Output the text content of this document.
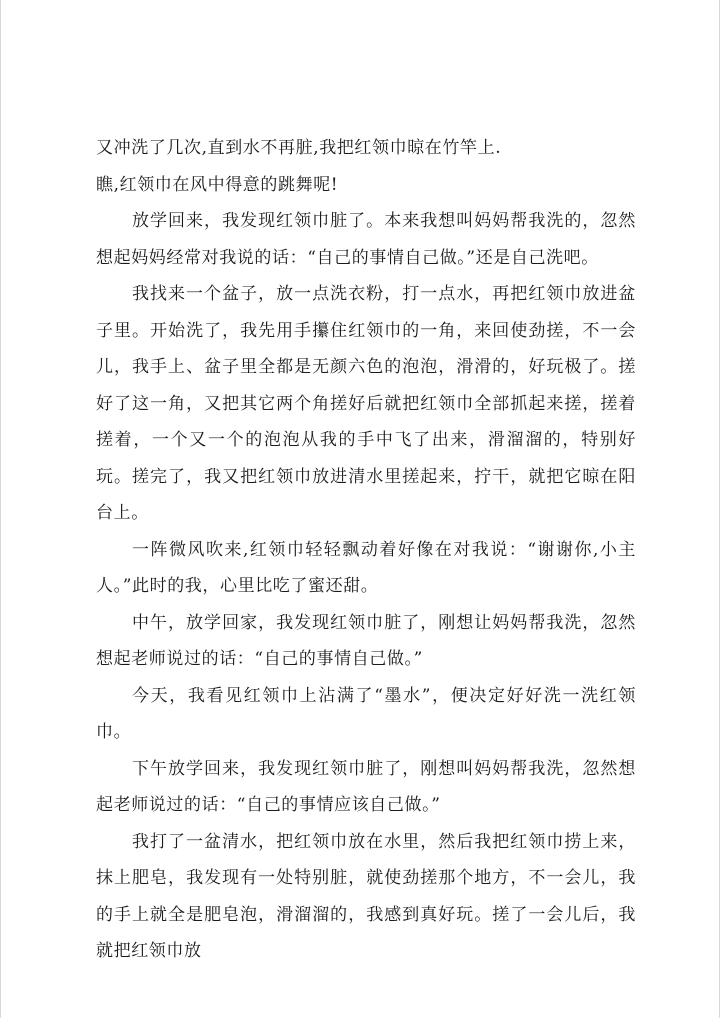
又冲洗了几次,直到水不再脏,我把红领巾晾在竹竿上.

瞧,红领巾在风中得意的跳舞呢!

放学回来，我发现红领巾脏了。本来我想叫妈妈帮我洗的，忽然想起妈妈经常对我说的话：“自己的事情自己做。”还是自己洗吧。

我找来一个盆子，放一点洗衣粉，打一点水，再把红领巾放进盆子里。开始洗了，我先用手攥住红领巾的一角，来回使劲搓，不一会儿，我手上、盆子里全都是无颜六色的泡泡，滑滑的，好玩极了。搓好了这一角，又把其它两个角搓好后就把红领巾全部抓起来搓，搓着搓着，一个又一个的泡泡从我的手中飞了出来，滑溜溜的，特别好玩。搓完了，我又把红领巾放进清水里搓起来，拧干，就把它晾在阳台上。

一阵微风吹来,红领巾轻轻飘动着好像在对我说：“谢谢你,小主人。”此时的我，心里比吃了蜜还甜。

中午，放学回家，我发现红领巾脏了，刚想让妈妈帮我洗，忽然想起老师说过的话：“自己的事情自己做。”

今天，我看见红领巾上沾满了“墨水”，便决定好好洗一洗红领巾。

下午放学回来，我发现红领巾脏了，刚想叫妈妈帮我洗，忽然想起老师说过的话：“自己的事情应该自己做。”

我打了一盆清水，把红领巾放在水里，然后我把红领巾捞上来，抹上肥皂，我发现有一处特别脏，就使劲搓那个地方，不一会儿，我的手上就全是肥皂泡，滑溜溜的，我感到真好玩。搓了一会儿后，我就把红领巾放
